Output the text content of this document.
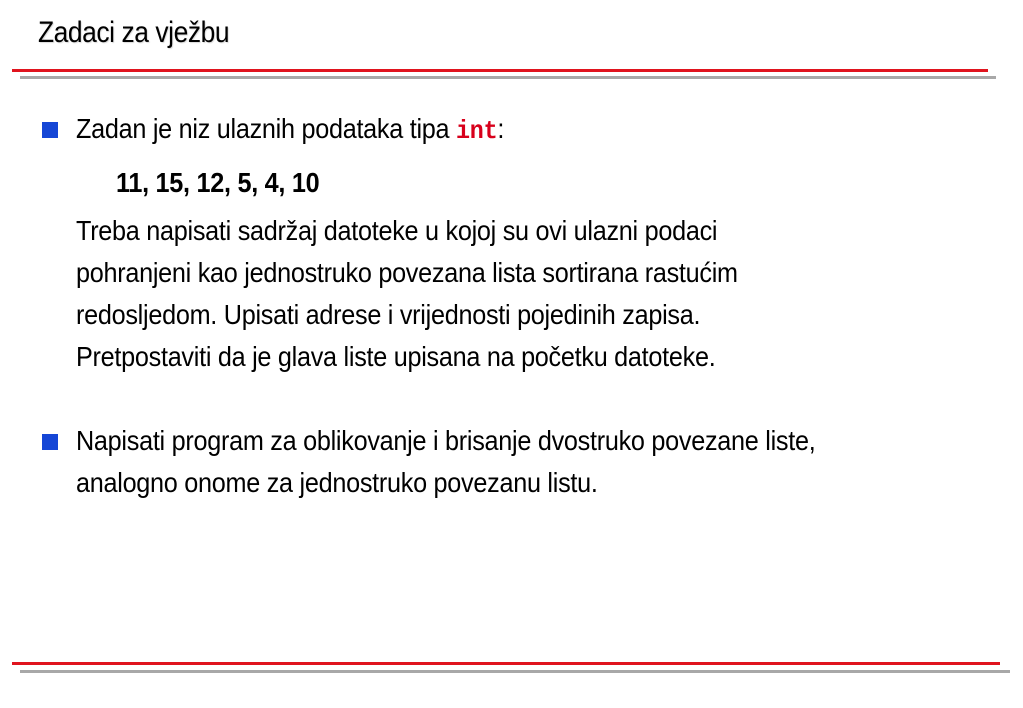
Zadaci za vježbu
Zadan je niz ulaznih podataka tipa int:
11, 15, 12, 5, 4, 10
Treba napisati sadržaj datoteke u kojoj su ovi ulazni podaci
pohranjeni kao jednostruko povezana lista sortirana rastućim
redosljedom. Upisati adrese i vrijednosti pojedinih zapisa.
Pretpostaviti da je glava liste upisana na početku datoteke.
Napisati program za oblikovanje i brisanje dvostruko povezane liste,
analogno onome za jednostruko povezanu listu.
